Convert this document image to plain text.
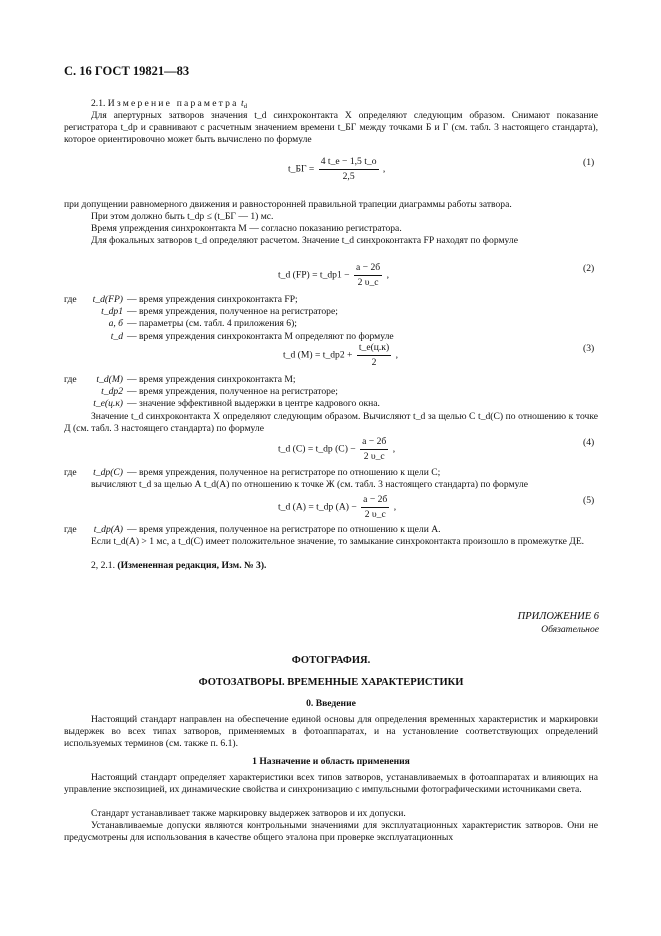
С. 16 ГОСТ 19821—83
2.1. Измерение параметра $t_d$
Для апертурных затворов значения t_d синхроконтакта X определяют следующим образом. Снимают показание регистратора t_dp и сравнивают с расчетным значением времени t_БГ между точками Б и Г (см. табл. 3 настоящего стандарта), которое ориентировочно может быть вычислено по формуле
t_БГ = $\frac{4 t\_e - 1,5 t\_o}{2,5}$ ,
(1)
при допущении равномерного движения и равносторонней правильной трапеции диаграммы работы затвора.
При этом должно быть t_dp ≤ (t_БГ — 1) мс.
Время упреждения синхроконтакта М — согласно показанию регистратора.
Для фокальных затворов t_d определяют расчетом. Значение t_d синхроконтакта FP находят по формуле
t_d (FP) = t_dp1 − $\frac{a - 2б}{2 \upsilon\_c}$ ,
(2)
где	t_d(FP) — время упреждения синхроконтакта FP;
t_dp1 — время упреждения, полученное на регистраторе;
а, б — параметры (см. табл. 4 приложения 6);
t_d — время упреждения синхроконтакта М определяют по формуле
t_d (M) = t_dp2 + $\frac{t\_e(ц.к)}{2}$ ,
(3)
где	t_d(M) — время упреждения синхроконтакта М;
t_dp2 — время упреждения, полученное на регистраторе;
t_e(ц.к) — значение эффективной выдержки в центре кадрового окна.
Значение t_d синхроконтакта X определяют следующим образом. Вычисляют t_d за щелью С t_d(C) по отношению к точке Д (см. табл. 3 настоящего стандарта) по формуле
t_d (C) = t_dp $(C) - \frac{a - 2б}{2 \upsilon\_c}$ ,
(4)
где	t_dp(C) — время упреждения, полученное на регистраторе по отношению к щели С;
вычисляют t_d за щелью А t_d(A) по отношению к точке Ж (см. табл. 3 настоящего стандарта) по формуле
t_d (A) = t_dp $(A) - \frac{a - 2б}{2 \upsilon\_c}$ ,
(5)
где	t_dp(A) — время упреждения, полученное на регистраторе по отношению к щели А.
Если t_d(A) > 1 мс, а t_d(C) имеет положительное значение, то замыкание синхроконтакта произошло в промежутке ДЕ.
2, 2.1. (Измененная редакция, Изм. № 3).
ПРИЛОЖЕНИЕ 6
Обязательное
ФОТОГРАФИЯ.
ФОТОЗАТВОРЫ. ВРЕМЕННЫЕ ХАРАКТЕРИСТИКИ
0. Введение
Настоящий стандарт направлен на обеспечение единой основы для определения временных характеристик и маркировки выдержек во всех типах затворов, применяемых в фотоаппаратах, и на установление соответствующих определений используемых терминов (см. также п. 6.1).
1 Назначение и область применения
Настоящий стандарт определяет характеристики всех типов затворов, устанавливаемых в фотоаппаратах и влияющих на управление экспозицией, их динамические свойства и синхронизацию с импульсными фотографическими источниками света.
Стандарт устанавливает также маркировку выдержек затворов и их допуски.
Устанавливаемые допуски являются контрольными значениями для эксплуатационных характеристик затворов. Они не предусмотрены для использования в качестве общего эталона при проверке эксплуатационных
